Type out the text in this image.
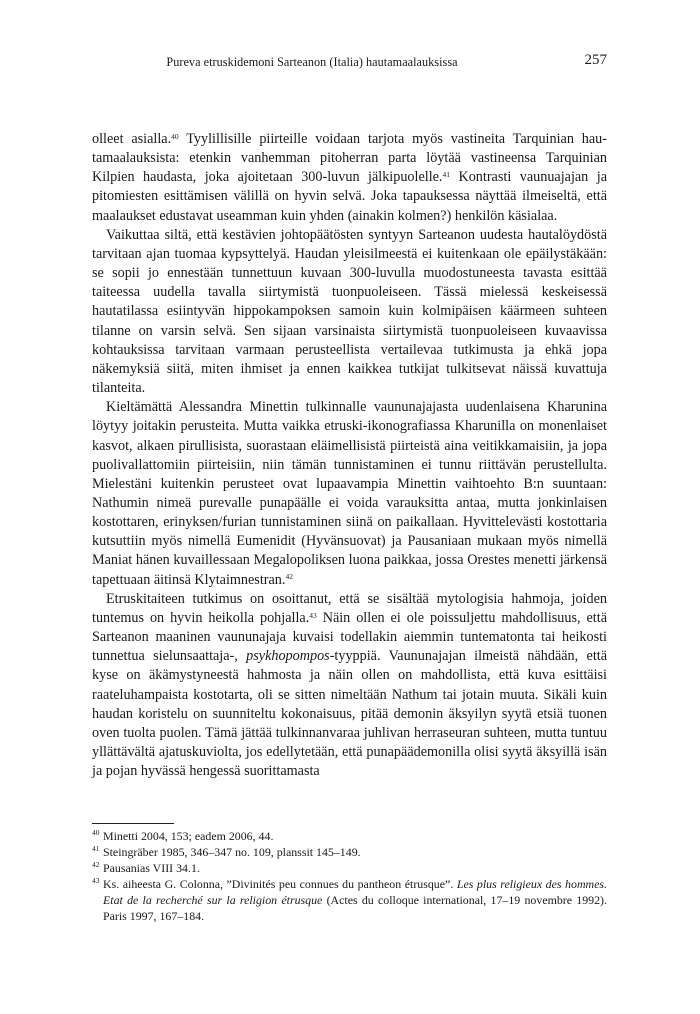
Pureva etruskidemoni Sarteanon (Italia) hautamaalauksissa	257

olleet asialla.$^{40}$ Tyylillisille piirteille voidaan tarjota myös vastineita Tarquinian hautamaalauksista: etenkin vanhemman pitoherran parta löytää vastineensa Tarquinian Kilpien haudasta, joka ajoitetaan 300-luvun jälkipuolelle.$^{41}$ Kontrasti vaunuajajan ja pitomiesten esittämisen välillä on hyvin selvä. Joka tapauksessa näyttää ilmeiseltä, että maalaukset edustavat useamman kuin yhden (ainakin kolmen?) henkilön käsialaa.

Vaikuttaa siltä, että kestävien johtopäätösten syntyyn Sarteanon uudesta hautalöydöstä tarvitaan ajan tuomaa kypsyttelyä. Haudan yleisilmeestä ei kuitenkaan ole epäilystäkään: se sopii jo ennestään tunnettuun kuvaan 300-luvulla muodostuneesta tavasta esittää taiteessa uudella tavalla siirtymistä tuonpuoleiseen. Tässä mielessä keskeisessä hautatilassa esiintyvän hippokampoksen samoin kuin kolmipäisen käärmeen suhteen tilanne on varsin selvä. Sen sijaan varsinaista siirtymistä tuonpuoleiseen kuvaavissa kohtauksissa tarvitaan varmaan perusteellista vertailevaa tutkimusta ja ehkä jopa näkemyksiä siitä, miten ihmiset ja ennen kaikkea tutkijat tulkitsevat näissä kuvattuja tilanteita.

Kieltämättä Alessandra Minettin tulkinnalle vaununajajasta uudenlaisena Kharunina löytyy joitakin perusteita. Mutta vaikka etruski-ikonografiassa Kharunilla on monenlaiset kasvot, alkaen pirullisista, suorastaan eläimellisistä piirteistä aina veitikkamaisiin, ja jopa puolivallattomiin piirteisiin, niin tämän tunnistaminen ei tunnu riittävän perustellulta. Mielestäni kuitenkin perusteet ovat lupaavampia Minettin vaihtoehto B:n suuntaan: Nathumin nimeä purevalle punapäälle ei voida varauksitta antaa, mutta jonkinlaisen kostottaren, erinyksen/furian tunnistaminen siinä on paikallaan. Hyvittelevästi kostottaria kutsuttiin myös nimellä Eumenidit (Hyvänsuovat) ja Pausaniaan mukaan myös nimellä Maniat hänen kuvaillessaan Megalopoliksen luona paikkaa, jossa Orestes menetti järkensä tapettuaan äitinsä Klytaimnestran.$^{42}$

Etruskitaiteen tutkimus on osoittanut, että se sisältää mytologisia hahmoja, joiden tuntemus on hyvin heikolla pohjalla.$^{43}$ Näin ollen ei ole poissuljettu mahdollisuus, että Sarteanon maaninen vaununajaja kuvaisi todellakin aiemmin tuntematonta tai heikosti tunnettua sielunsaattaja-, psykhopompos-tyyppiä. Vaununajajan ilmeistä nähdään, että kyse on äkämystyneestä hahmosta ja näin ollen on mahdollista, että kuva esittäisi raateluhampaista kostotarta, oli se sitten nimeltään Nathum tai jotain muuta. Sikäli kuin haudan koristelu on suunniteltu kokonaisuus, pitää demonin äksyilyn syytä etsiä tuonen oven tuolta puolen. Tämä jättää tulkinnanvaraa juhlivan herraseuran suhteen, mutta tuntuu yllättävältä ajatuskuviolta, jos edellytetään, että punapäädemonilla olisi syytä äksyillä isän ja pojan hyvässä hengessä suorittamasta

40 Minetti 2004, 153; eadem 2006, 44.
41 Steingräber 1985, 346–347 no. 109, planssit 145–149.
42 Pausanias VIII 34.1.
43 Ks. aiheesta G. Colonna, ”Divinités peu connues du pantheon étrusque”. Les plus religieux des hommes. Etat de la recherché sur la religion étrusque (Actes du colloque international, 17–19 novembre 1992). Paris 1997, 167–184.
